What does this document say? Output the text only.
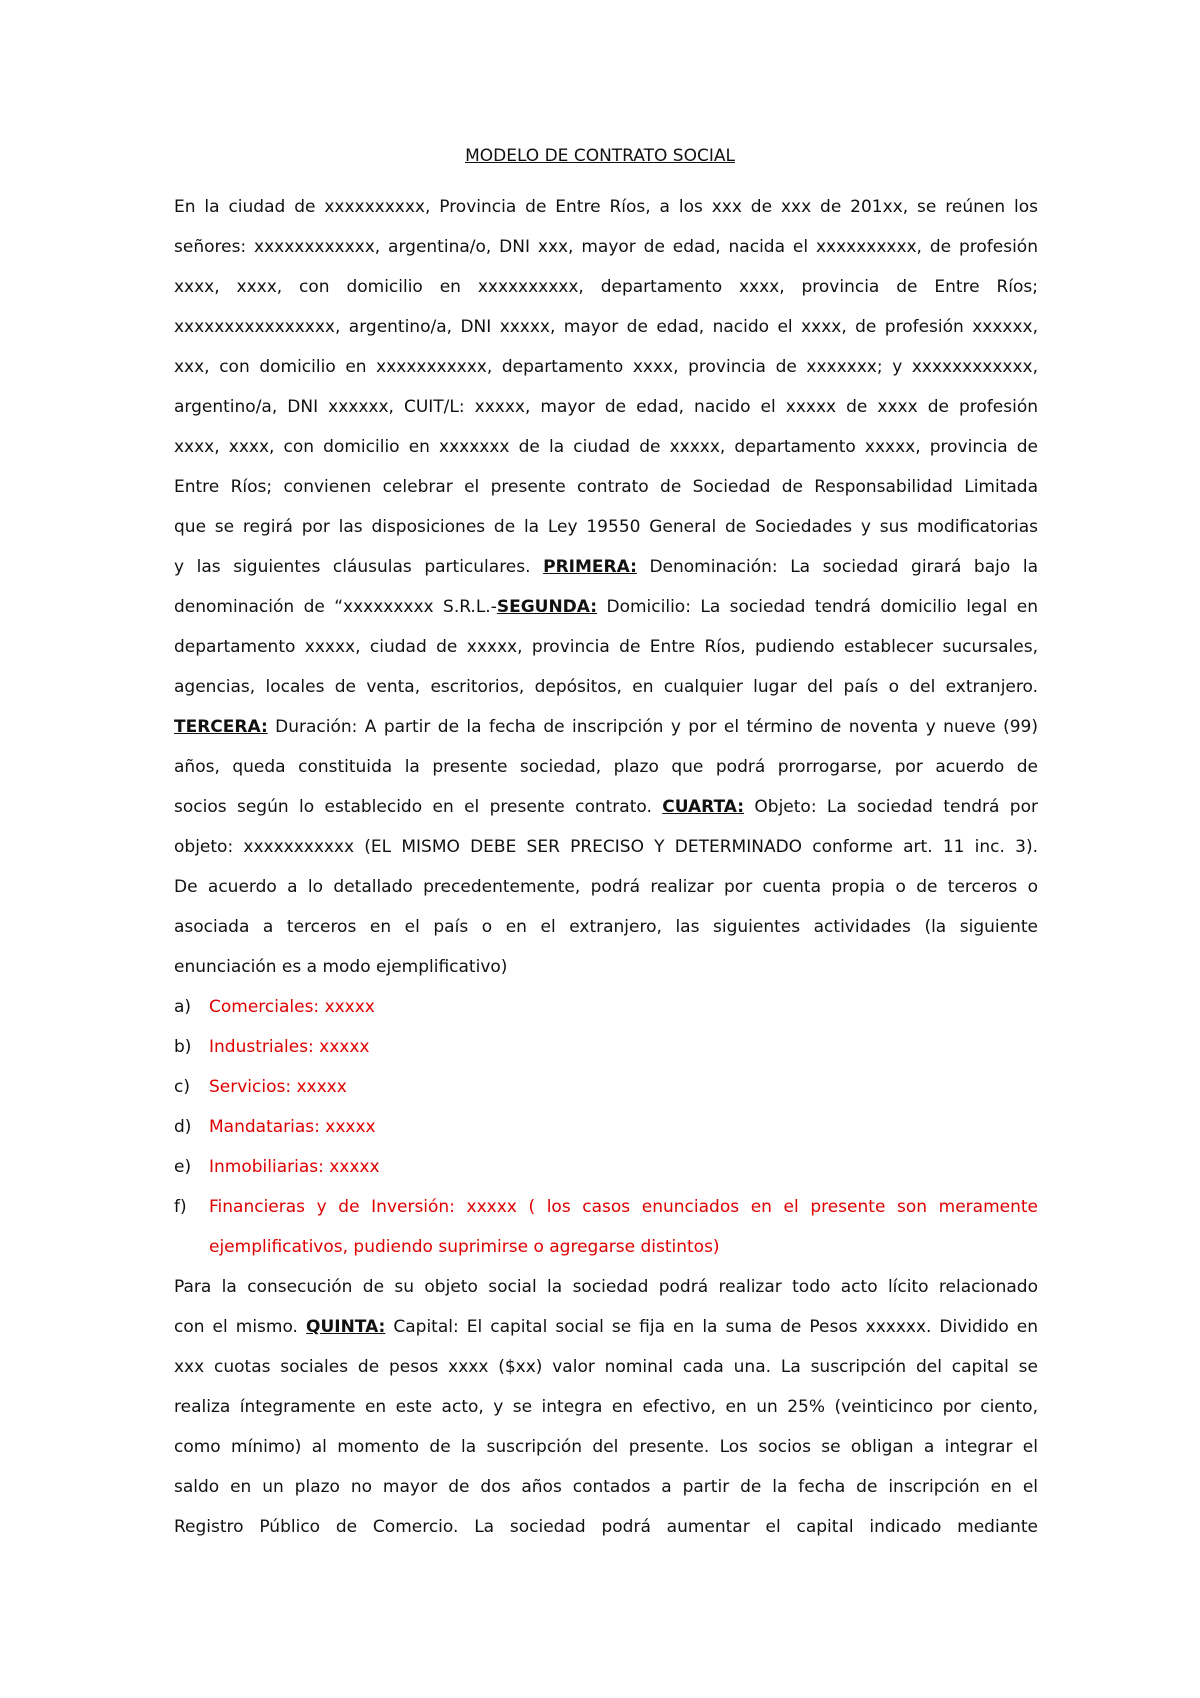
MODELO DE CONTRATO SOCIAL
En la ciudad de xxxxxxxxxx, Provincia de Entre Ríos, a los xxx de xxx de 201xx, se reúnen los
señores: xxxxxxxxxxxx, argentina/o, DNI xxx, mayor de edad, nacida el xxxxxxxxxx, de profesión
xxxx, xxxx, con domicilio en xxxxxxxxxx, departamento xxxx, provincia de Entre Ríos;
xxxxxxxxxxxxxxxx, argentino/a, DNI xxxxx, mayor de edad, nacido el xxxx, de profesión xxxxxx,
xxx, con domicilio en xxxxxxxxxxx, departamento xxxx, provincia de xxxxxxx; y xxxxxxxxxxxx,
argentino/a, DNI xxxxxx, CUIT/L: xxxxx, mayor de edad, nacido el xxxxx de xxxx de profesión
xxxx, xxxx, con domicilio en xxxxxxx de la ciudad de xxxxx, departamento xxxxx, provincia de
Entre Ríos; convienen celebrar el presente contrato de Sociedad de Responsabilidad Limitada
que se regirá por las disposiciones de la Ley 19550 General de Sociedades y sus modificatorias
y las siguientes cláusulas particulares. PRIMERA: Denominación: La sociedad girará bajo la
denominación de “xxxxxxxxx S.R.L.-SEGUNDA: Domicilio: La sociedad tendrá domicilio legal en
departamento xxxxx, ciudad de xxxxx, provincia de Entre Ríos, pudiendo establecer sucursales,
agencias, locales de venta, escritorios, depósitos, en cualquier lugar del país o del extranjero.
TERCERA: Duración: A partir de la fecha de inscripción y por el término de noventa y nueve (99)
años, queda constituida la presente sociedad, plazo que podrá prorrogarse, por acuerdo de
socios según lo establecido en el presente contrato. CUARTA: Objeto: La sociedad tendrá por
objeto: xxxxxxxxxxx (EL MISMO DEBE SER PRECISO Y DETERMINADO conforme art. 11 inc. 3).
De acuerdo a lo detallado precedentemente, podrá realizar por cuenta propia o de terceros o
asociada a terceros en el país o en el extranjero, las siguientes actividades (la siguiente
enunciación es a modo ejemplificativo)
a) Comerciales: xxxxx
b) Industriales: xxxxx
c) Servicios: xxxxx
d) Mandatarias: xxxxx
e) Inmobiliarias: xxxxx
f) Financieras y de Inversión: xxxxx ( los casos enunciados en el presente son meramente
ejemplificativos, pudiendo suprimirse o agregarse distintos)
Para la consecución de su objeto social la sociedad podrá realizar todo acto lícito relacionado
con el mismo. QUINTA: Capital: El capital social se fija en la suma de Pesos xxxxxx. Dividido en
xxx cuotas sociales de pesos xxxx ($xx) valor nominal cada una. La suscripción del capital se
realiza íntegramente en este acto, y se integra en efectivo, en un 25% (veinticinco por ciento,
como mínimo) al momento de la suscripción del presente. Los socios se obligan a integrar el
saldo en un plazo no mayor de dos años contados a partir de la fecha de inscripción en el
Registro Público de Comercio. La sociedad podrá aumentar el capital indicado mediante
